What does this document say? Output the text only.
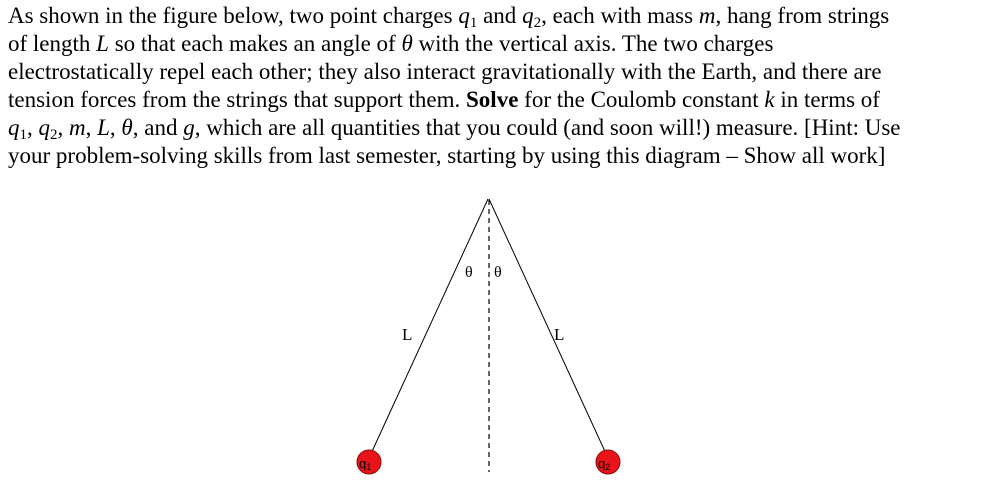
As shown in the figure below, two point charges $q_1$ and $q_2$, each with mass m, hang from strings
of length L so that each makes an angle of θ with the vertical axis. The two charges
electrostatically repel each other; they also interact gravitationally with the Earth, and there are
tension forces from the strings that support them. Solve for the Coulomb constant k in terms of
$q_1$, $q_2$, m, L, θ, and g, which are all quantities that you could (and soon will!) measure. [Hint: Use
your problem-solving skills from last semester, starting by using this diagram – Show all work]
θ θ
L	L
q1	q2
